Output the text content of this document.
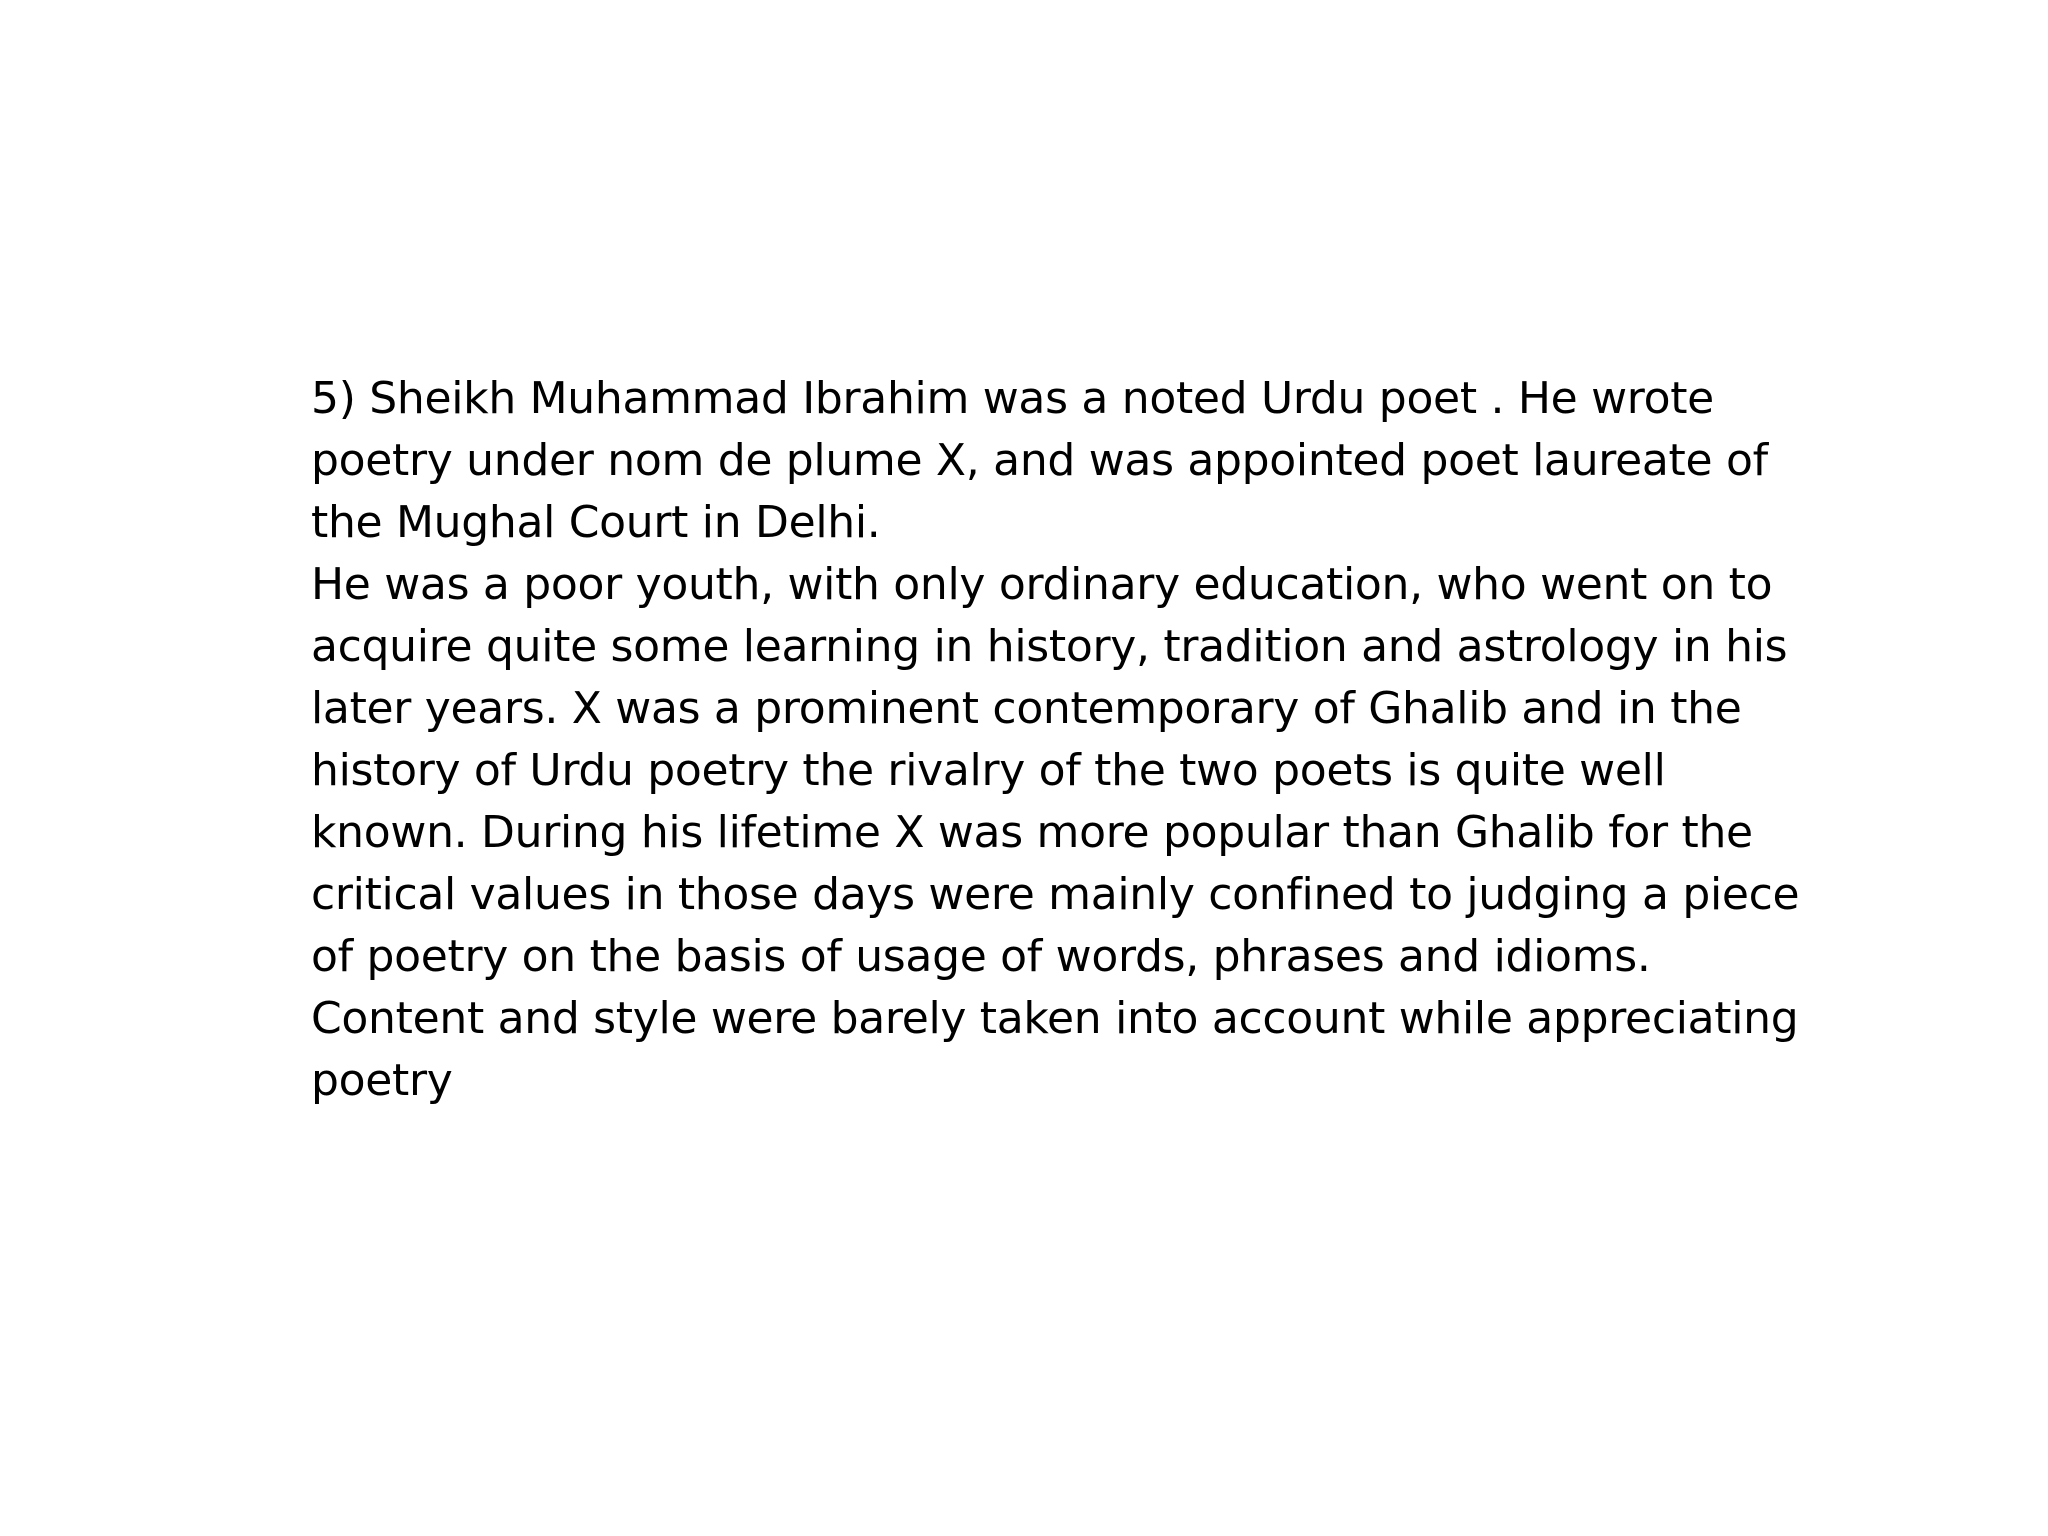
5) Sheikh Muhammad Ibrahim was a noted Urdu poet . He wrote
poetry under nom de plume X, and was appointed poet laureate of
the Mughal Court in Delhi.
He was a poor youth, with only ordinary education, who went on to
acquire quite some learning in history, tradition and astrology in his
later years. X was a prominent contemporary of Ghalib and in the
history of Urdu poetry the rivalry of the two poets is quite well
known. During his lifetime X was more popular than Ghalib for the
critical values in those days were mainly confined to judging a piece
of poetry on the basis of usage of words, phrases and idioms.
Content and style were barely taken into account while appreciating
poetry
